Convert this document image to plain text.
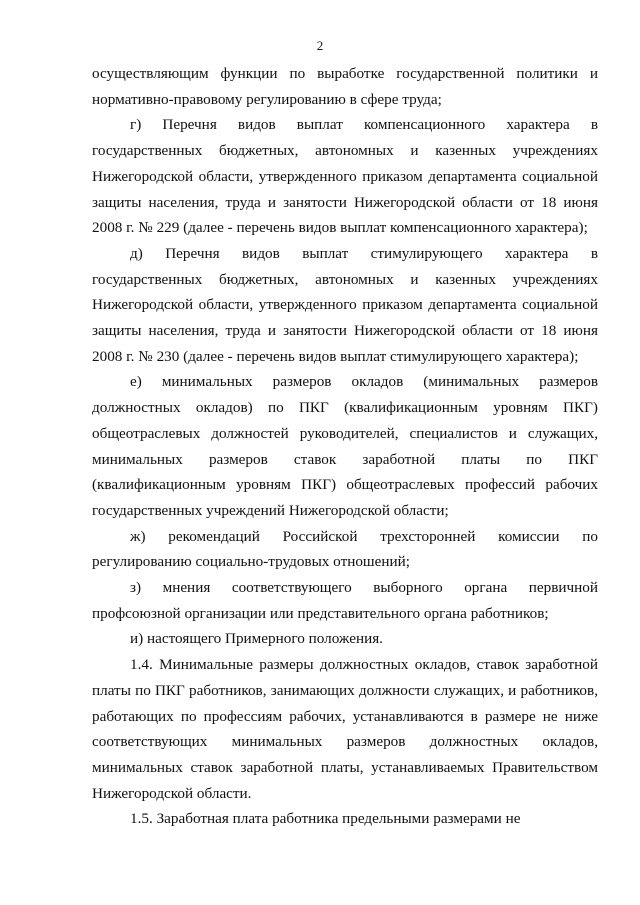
2

осуществляющим функции по выработке государственной политики и нормативно-правовому регулированию в сфере труда;

г) Перечня видов выплат компенсационного характера в государственных бюджетных, автономных и казенных учреждениях Нижегородской области, утвержденного приказом департамента социальной защиты населения, труда и занятости Нижегородской области от 18 июня 2008 г. № 229 (далее - перечень видов выплат компенсационного характера);

д) Перечня видов выплат стимулирующего характера в государственных бюджетных, автономных и казенных учреждениях Нижегородской области, утвержденного приказом департамента социальной защиты населения, труда и занятости Нижегородской области от 18 июня 2008 г. № 230 (далее - перечень видов выплат стимулирующего характера);

е) минимальных размеров окладов (минимальных размеров должностных окладов) по ПКГ (квалификационным уровням ПКГ) общеотраслевых должностей руководителей, специалистов и служащих, минимальных размеров ставок заработной платы по ПКГ (квалификационным уровням ПКГ) общеотраслевых профессий рабочих государственных учреждений Нижегородской области;

ж) рекомендаций Российской трехсторонней комиссии по регулированию социально-трудовых отношений;

з) мнения соответствующего выборного органа первичной профсоюзной организации или представительного органа работников;

и) настоящего Примерного положения.

1.4. Минимальные размеры должностных окладов, ставок заработной платы по ПКГ работников, занимающих должности служащих, и работников, работающих по профессиям рабочих, устанавливаются в размере не ниже соответствующих минимальных размеров должностных окладов, минимальных ставок заработной платы, устанавливаемых Правительством Нижегородской области.

1.5. Заработная плата работника предельными размерами не
